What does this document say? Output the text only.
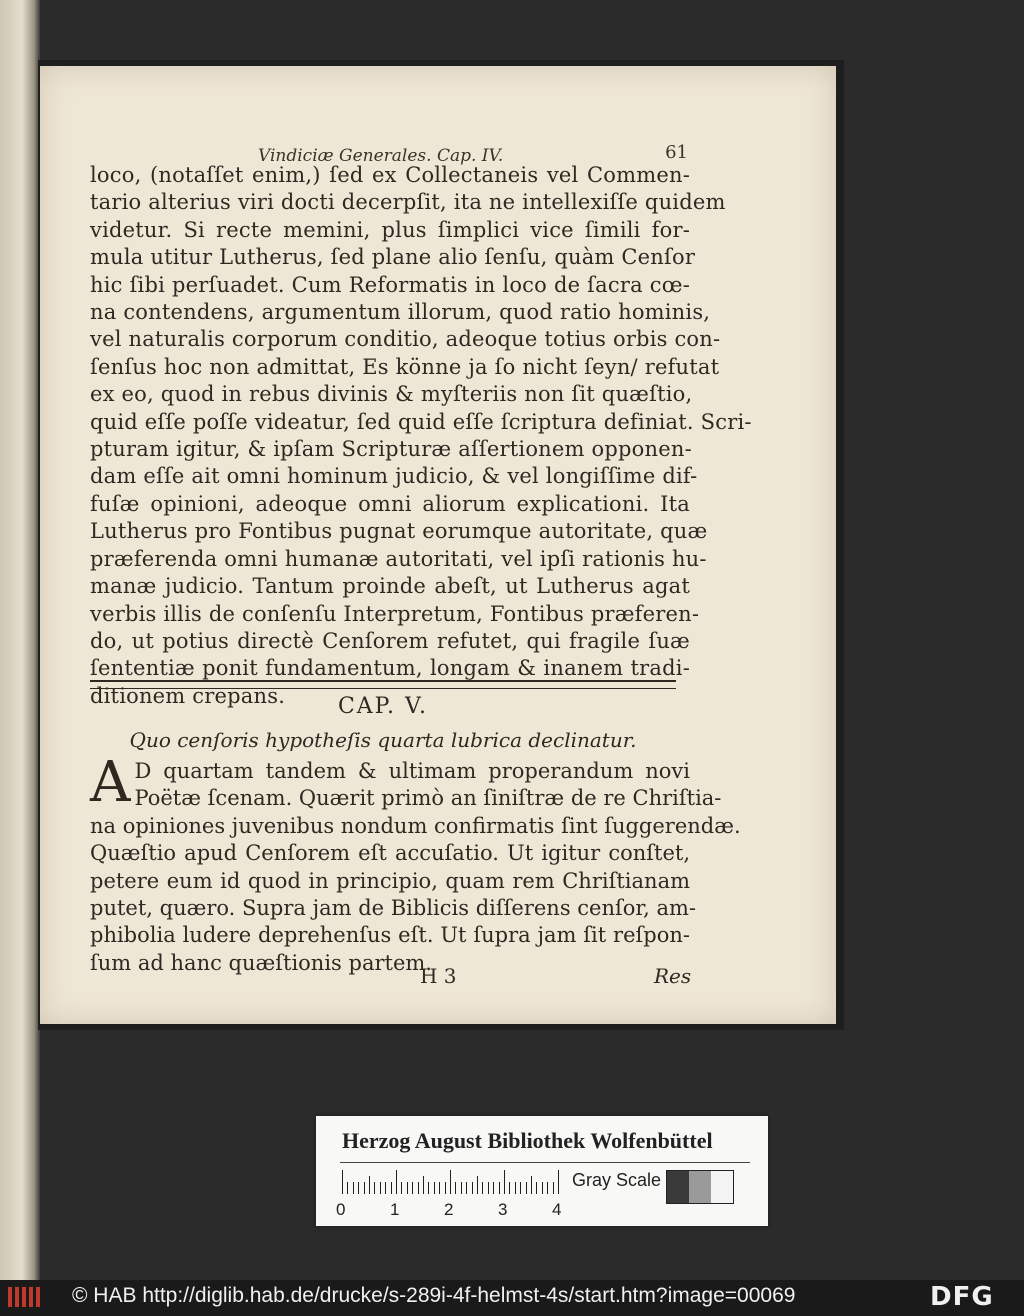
Vindiciæ Generales. Cap. IV.	61
loco, (notaſſet enim,) ſed ex Collectaneis vel Commen-
tario alterius viri docti decerpſit, ita ne intellexiſſe quidem
videtur. Si recte memini, plus ſimplici vice ſimili for-
mula utitur Lutherus, ſed plane alio ſenſu, quàm Cenſor
hic ſibi perſuadet. Cum Reformatis in loco de ſacra cœ-
na contendens, argumentum illorum, quod ratio hominis,
vel naturalis corporum conditio, adeoque totius orbis con-
ſenſus hoc non admittat, Es könne ja ſo nicht ſeyn/ refutat
ex eo, quod in rebus divinis & myſteriis non ſit quæſtio,
quid eſſe poſſe videatur, ſed quid eſſe ſcriptura definiat. Scri-
pturam igitur, & ipſam Scripturæ aſſertionem opponen-
dam eſſe ait omni hominum judicio, & vel longiſſime dif-
fuſæ opinioni, adeoque omni aliorum explicationi. Ita
Lutherus pro Fontibus pugnat eorumque autoritate, quæ
præferenda omni humanæ autoritati, vel ipſi rationis hu-
manæ judicio. Tantum proinde abeſt, ut Lutherus agat
verbis illis de conſenſu Interpretum, Fontibus præferen-
do, ut potius directè Cenſorem refutet, qui fragile ſuæ
ſententiæ ponit fundamentum, longam & inanem tradi-
ditionem crepans.	CAP. V.
Quo cenſoris hypotheſis quarta lubrica declinatur.
A D quartam tandem & ultimam properandum novi
Poëtæ ſcenam. Quærit primò an ſiniſtræ de re Chriſtia-
na opiniones juvenibus nondum confirmatis ſint ſuggerendæ.
Quæſtio apud Cenſorem eſt accuſatio. Ut igitur conſtet,
petere eum id quod in principio, quam rem Chriſtianam
putet, quæro. Supra jam de Biblicis diſſerens cenſor, am-
phibolia ludere deprehenſus eſt. Ut ſupra jam ſit reſpon-
ſum ad hanc quæſtionis partem.
H 3	Res
Herzog August Bibliothek Wolfenbüttel
0	1	2	3	4
Gray Scale
© HAB http://diglib.hab.de/drucke/s-289i-4f-helmst-4s/start.htm?image=00069	DFG
